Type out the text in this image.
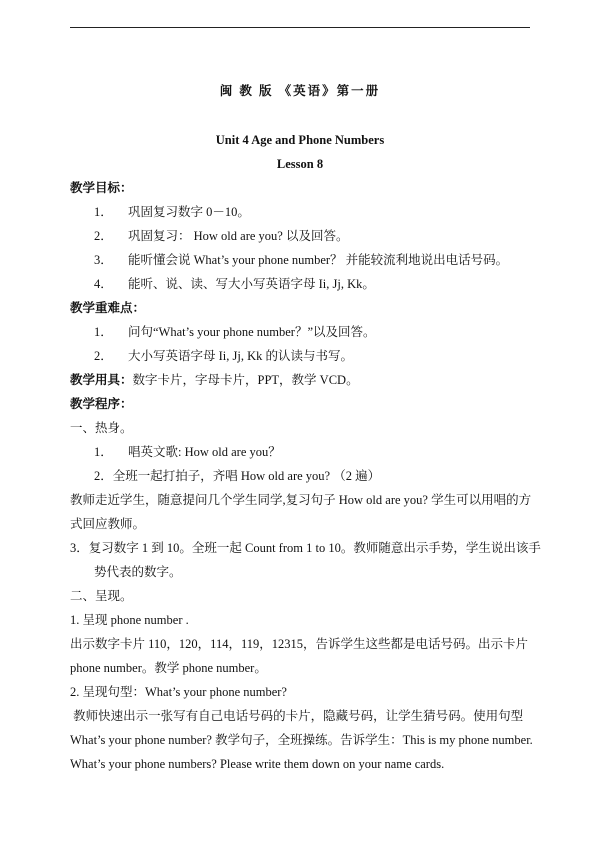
闽 教 版 《英语》第一册
Unit 4 Age and Phone Numbers
Lesson 8
教学目标：
1． 巩固复习数字 0－10。
2． 巩固复习： How old are you? 以及回答。
3． 能听懂会说 What’s your phone number？ 并能较流利地说出电话号码。
4． 能听、说、读、写大小写英语字母 Ii, Jj, Kk。
教学重难点：
1． 问句“What’s your phone number？”以及回答。
2． 大小写英语字母 Ii, Jj, Kk 的认读与书写。
教学用具：数字卡片，字母卡片，PPT，教学 VCD。
教学程序：
一、热身。
1． 唱英文歌: How old are you？
2．全班一起打拍子，齐唱 How old are you? （2 遍）
教师走近学生，随意提问几个学生同学,复习句子 How old are you? 学生可以用唱的方
式回应教师。
3．复习数字 1 到 10。全班一起 Count from 1 to 10。教师随意出示手势，学生说出该手
势代表的数字。
二、呈现。
1. 呈现 phone number .
出示数字卡片 110，120，114，119，12315，告诉学生这些都是电话号码。出示卡片
phone number。教学 phone number。
2. 呈现句型：What’s your phone number?
教师快速出示一张写有自己电话号码的卡片，隐藏号码，让学生猜号码。使用句型
What’s your phone number? 教学句子，全班操练。告诉学生：This is my phone number.
What’s your phone numbers? Please write them down on your name cards.
